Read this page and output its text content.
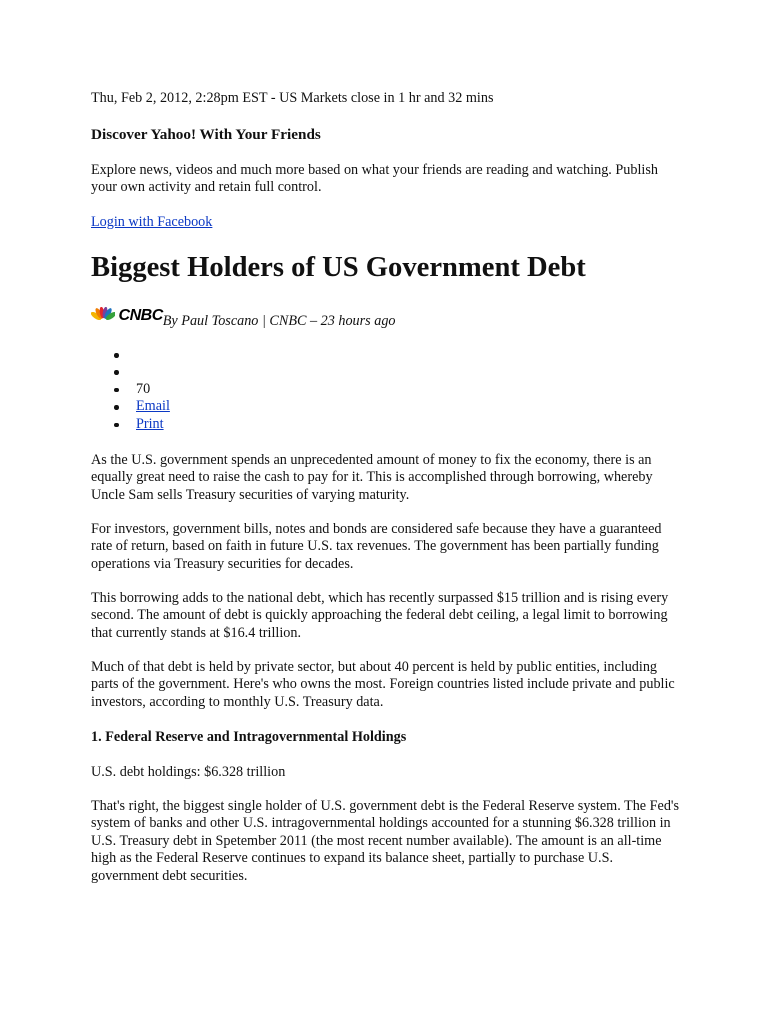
Thu, Feb 2, 2012, 2:28pm EST - US Markets close in 1 hr and 32 mins

Discover Yahoo! With Your Friends

Explore news, videos and much more based on what your friends are reading and watching. Publish your own activity and retain full control.

Login with Facebook
Biggest Holders of US Government Debt
CNBCBy Paul Toscano | CNBC – 23 hours ago
70
Email
Print

As the U.S. government spends an unprecedented amount of money to fix the economy, there is an equally great need to raise the cash to pay for it. This is accomplished through borrowing, whereby Uncle Sam sells Treasury securities of varying maturity.

For investors, government bills, notes and bonds are considered safe because they have a guaranteed rate of return, based on faith in future U.S. tax revenues. The government has been partially funding operations via Treasury securities for decades.

This borrowing adds to the national debt, which has recently surpassed $15 trillion and is rising every second. The amount of debt is quickly approaching the federal debt ceiling, a legal limit to borrowing that currently stands at $16.4 trillion.

Much of that debt is held by private sector, but about 40 percent is held by public entities, including parts of the government. Here's who owns the most. Foreign countries listed include private and public investors, according to monthly U.S. Treasury data.

1. Federal Reserve and Intragovernmental Holdings

U.S. debt holdings: $6.328 trillion

That's right, the biggest single holder of U.S. government debt is the Federal Reserve system. The Fed's system of banks and other U.S. intragovernmental holdings accounted for a stunning $6.328 trillion in U.S. Treasury debt in Spetember 2011 (the most recent number available). The amount is an all-time high as the Federal Reserve continues to expand its balance sheet, partially to purchase U.S. government debt securities.
